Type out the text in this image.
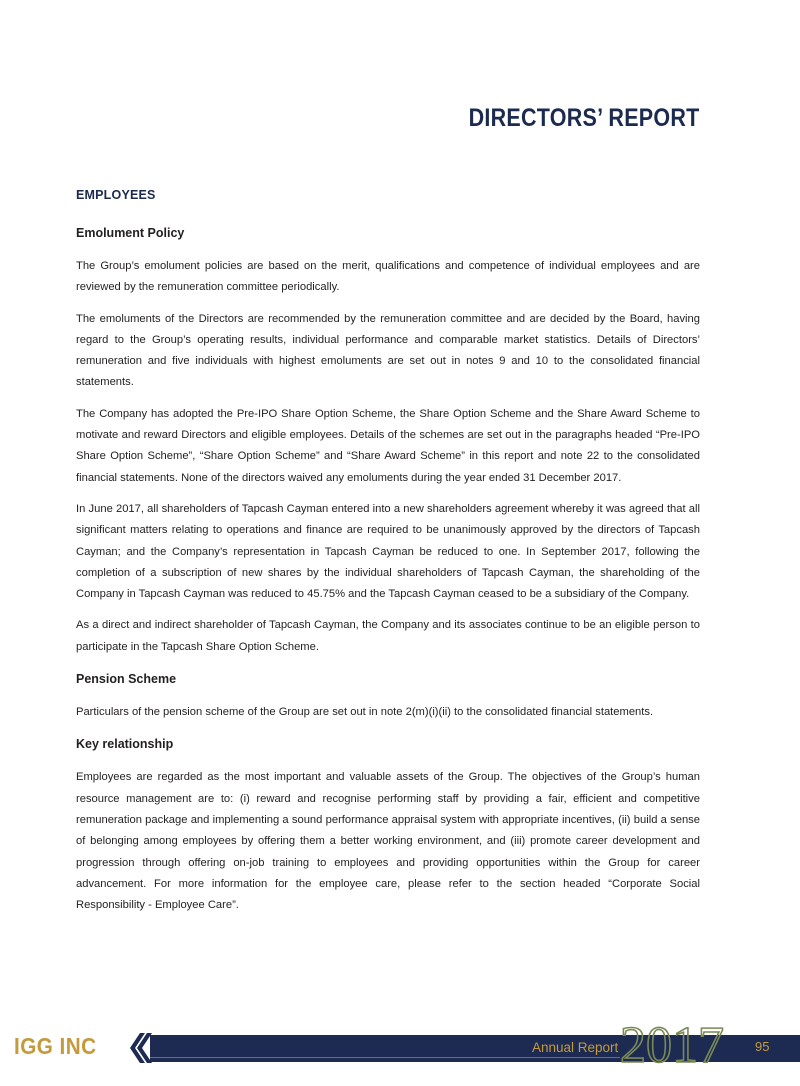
DIRECTORS’ REPORT
EMPLOYEES
Emolument Policy

The Group’s emolument policies are based on the merit, qualifications and competence of individual employees and are reviewed by the remuneration committee periodically.

The emoluments of the Directors are recommended by the remuneration committee and are decided by the Board, having regard to the Group’s operating results, individual performance and comparable market statistics. Details of Directors’ remuneration and five individuals with highest emoluments are set out in notes 9 and 10 to the consolidated financial statements.

The Company has adopted the Pre-IPO Share Option Scheme, the Share Option Scheme and the Share Award Scheme to motivate and reward Directors and eligible employees. Details of the schemes are set out in the paragraphs headed “Pre-IPO Share Option Scheme”, “Share Option Scheme” and “Share Award Scheme” in this report and note 22 to the consolidated financial statements. None of the directors waived any emoluments during the year ended 31 December 2017.

In June 2017, all shareholders of Tapcash Cayman entered into a new shareholders agreement whereby it was agreed that all significant matters relating to operations and finance are required to be unanimously approved by the directors of Tapcash Cayman; and the Company’s representation in Tapcash Cayman be reduced to one. In September 2017, following the completion of a subscription of new shares by the individual shareholders of Tapcash Cayman, the shareholding of the Company in Tapcash Cayman was reduced to 45.75% and the Tapcash Cayman ceased to be a subsidiary of the Company.

As a direct and indirect shareholder of Tapcash Cayman, the Company and its associates continue to be an eligible person to participate in the Tapcash Share Option Scheme.

Pension Scheme

Particulars of the pension scheme of the Group are set out in note 2(m)(i)(ii) to the consolidated financial statements.

Key relationship

Employees are regarded as the most important and valuable assets of the Group. The objectives of the Group’s human resource management are to: (i) reward and recognise performing staff by providing a fair, efficient and competitive remuneration package and implementing a sound performance appraisal system with appropriate incentives, (ii) build a sense of belonging among employees by offering them a better working environment, and (iii) promote career development and progression through offering on-job training to employees and providing opportunities within the Group for career advancement. For more information for the employee care, please refer to the section headed “Corporate Social Responsibility - Employee Care”.

IGG INC	Annual Report 2017 95
